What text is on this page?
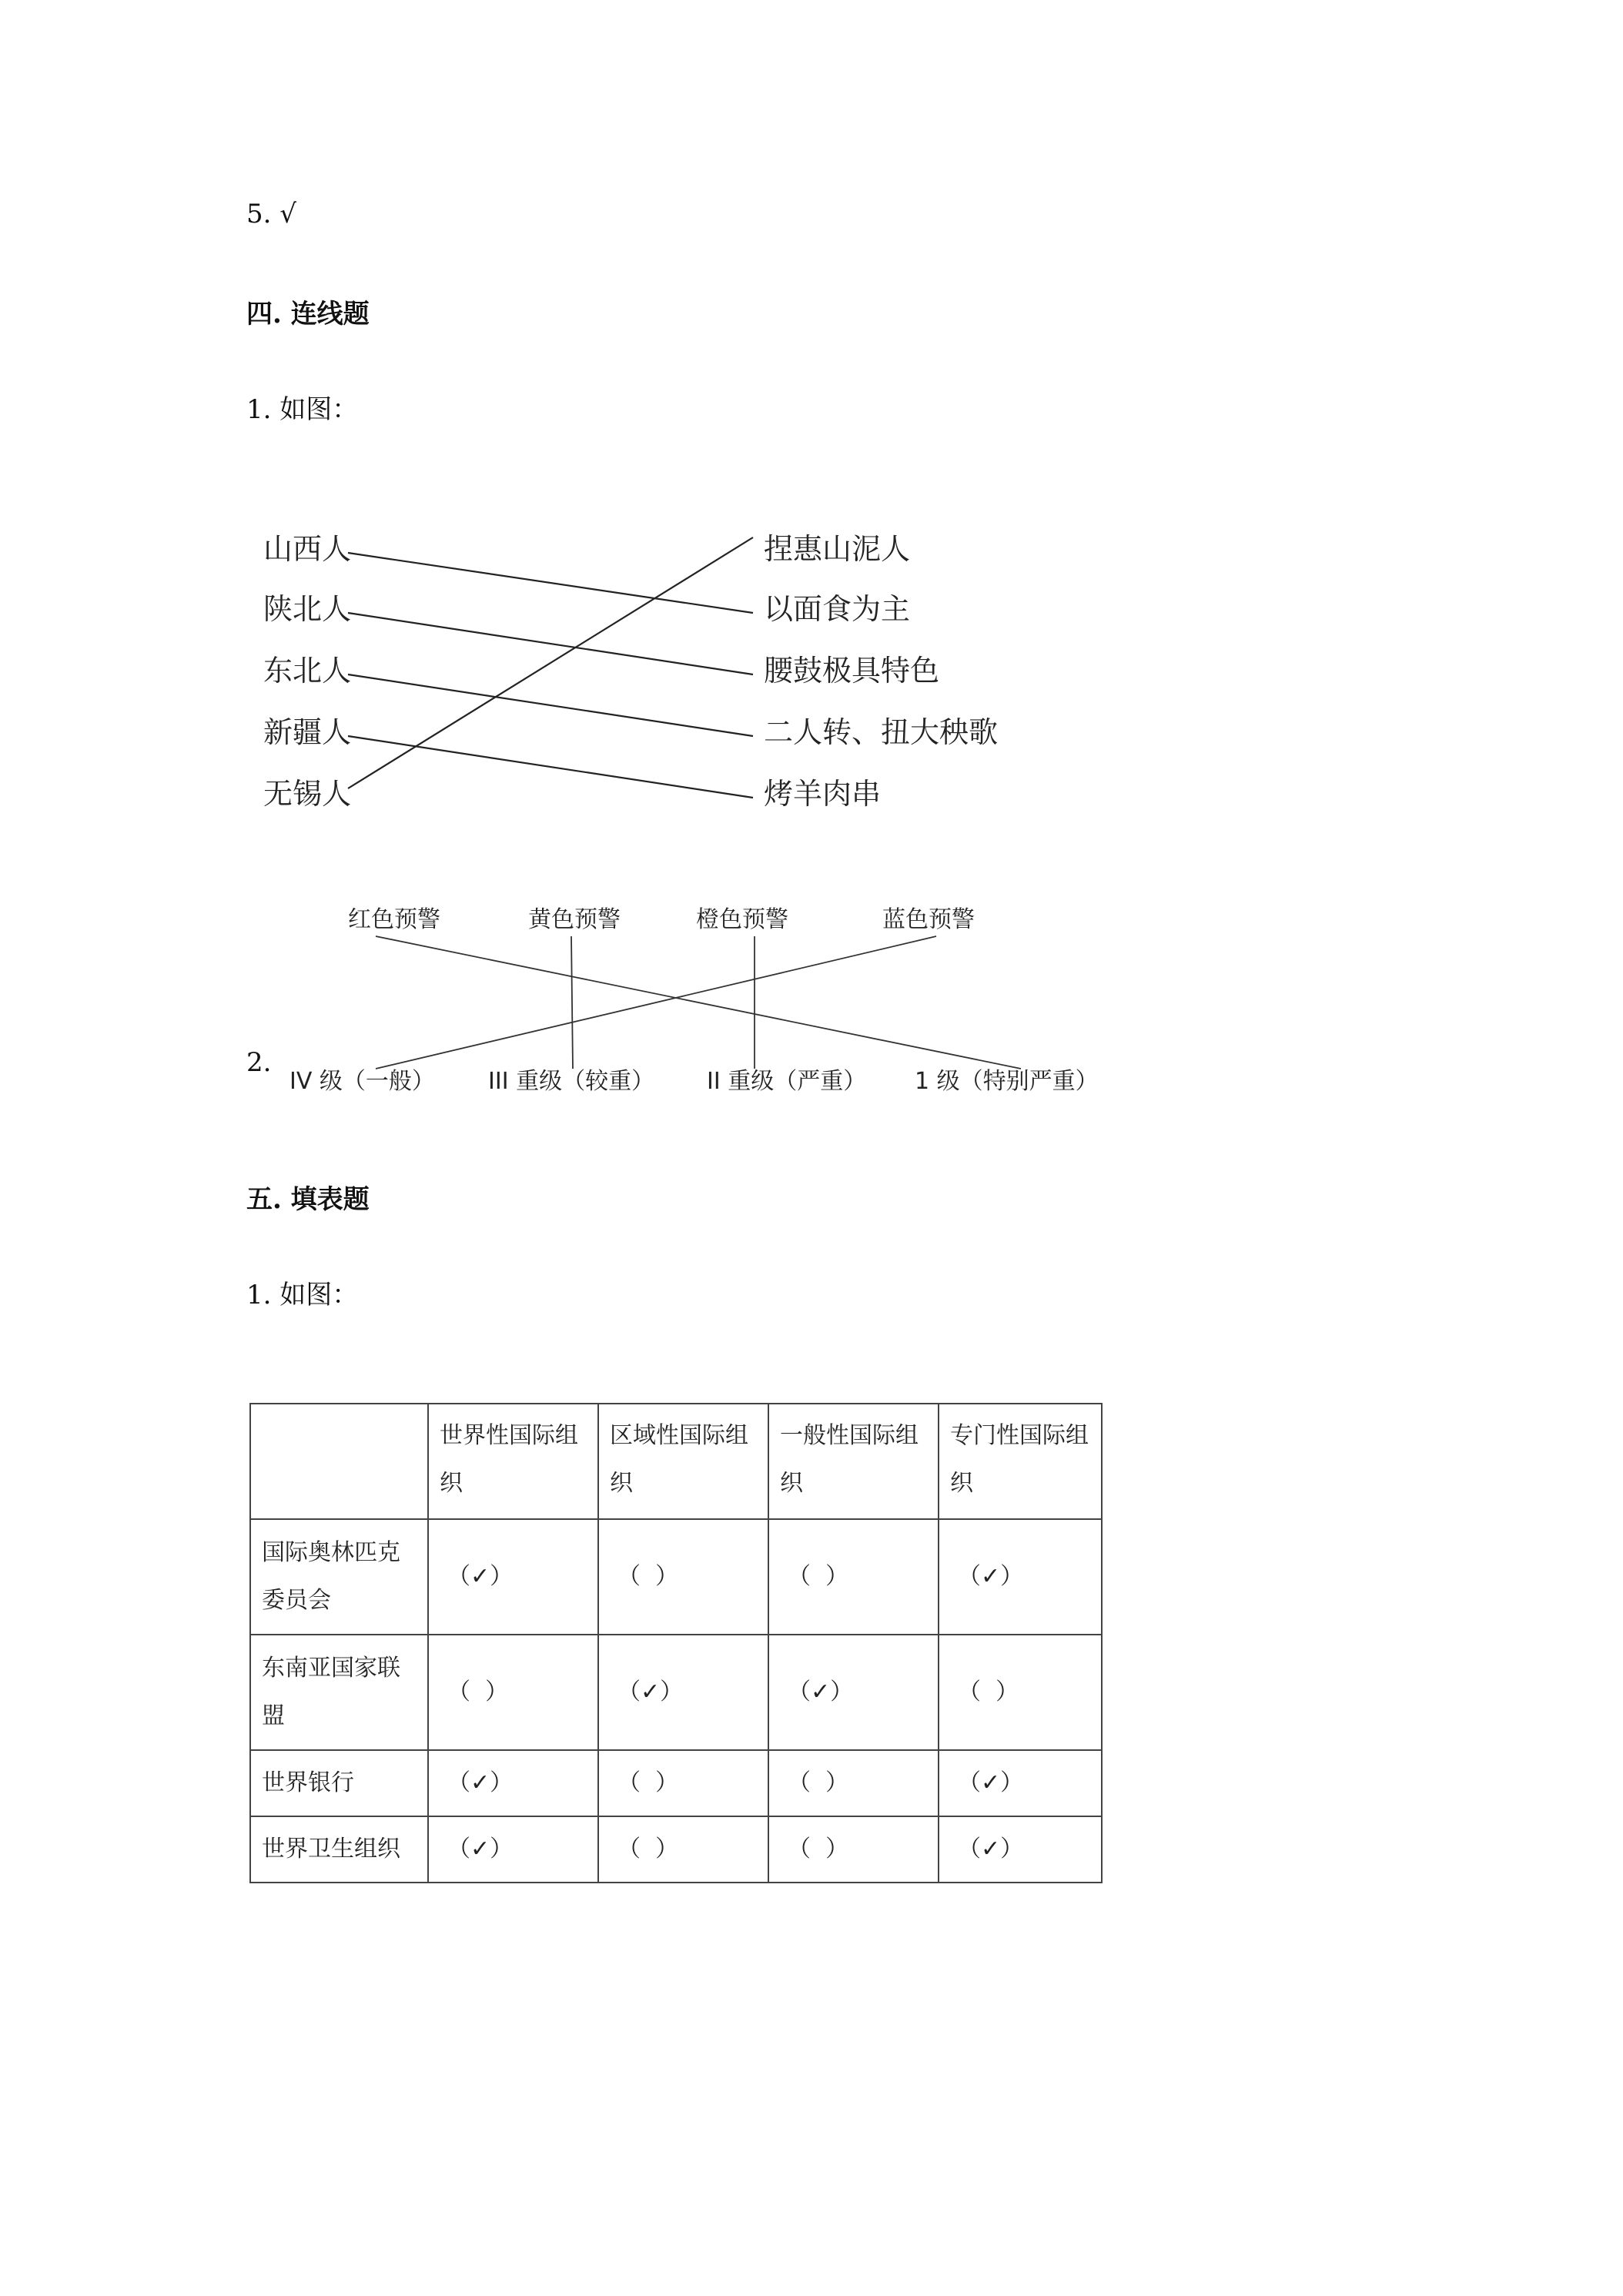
5. √
四. 连线题
1. 如图：
山西人
陕北人
东北人
新疆人
无锡人
捏惠山泥人
以面食为主
腰鼓极具特色
二人转、扭大秧歌
烤羊肉串
红色预警	黄色预警	橙色预警	蓝色预警
IV 级（一般） III 重级（较重） II 重级（严重） 1 级（特别严重）
2.
五. 填表题
1. 如图：
	世界性国际组织	区域性国际组织	一般性国际组织	专门性国际组织
国际奥林匹克委员会	（✓）	（  ）	（  ）	（✓）
东南亚国家联盟	（  ）	（✓）	（✓）	（  ）
世界银行	（✓）	（  ）	（  ）	（✓）
世界卫生组织	（✓）	（  ）	（  ）	（✓）
